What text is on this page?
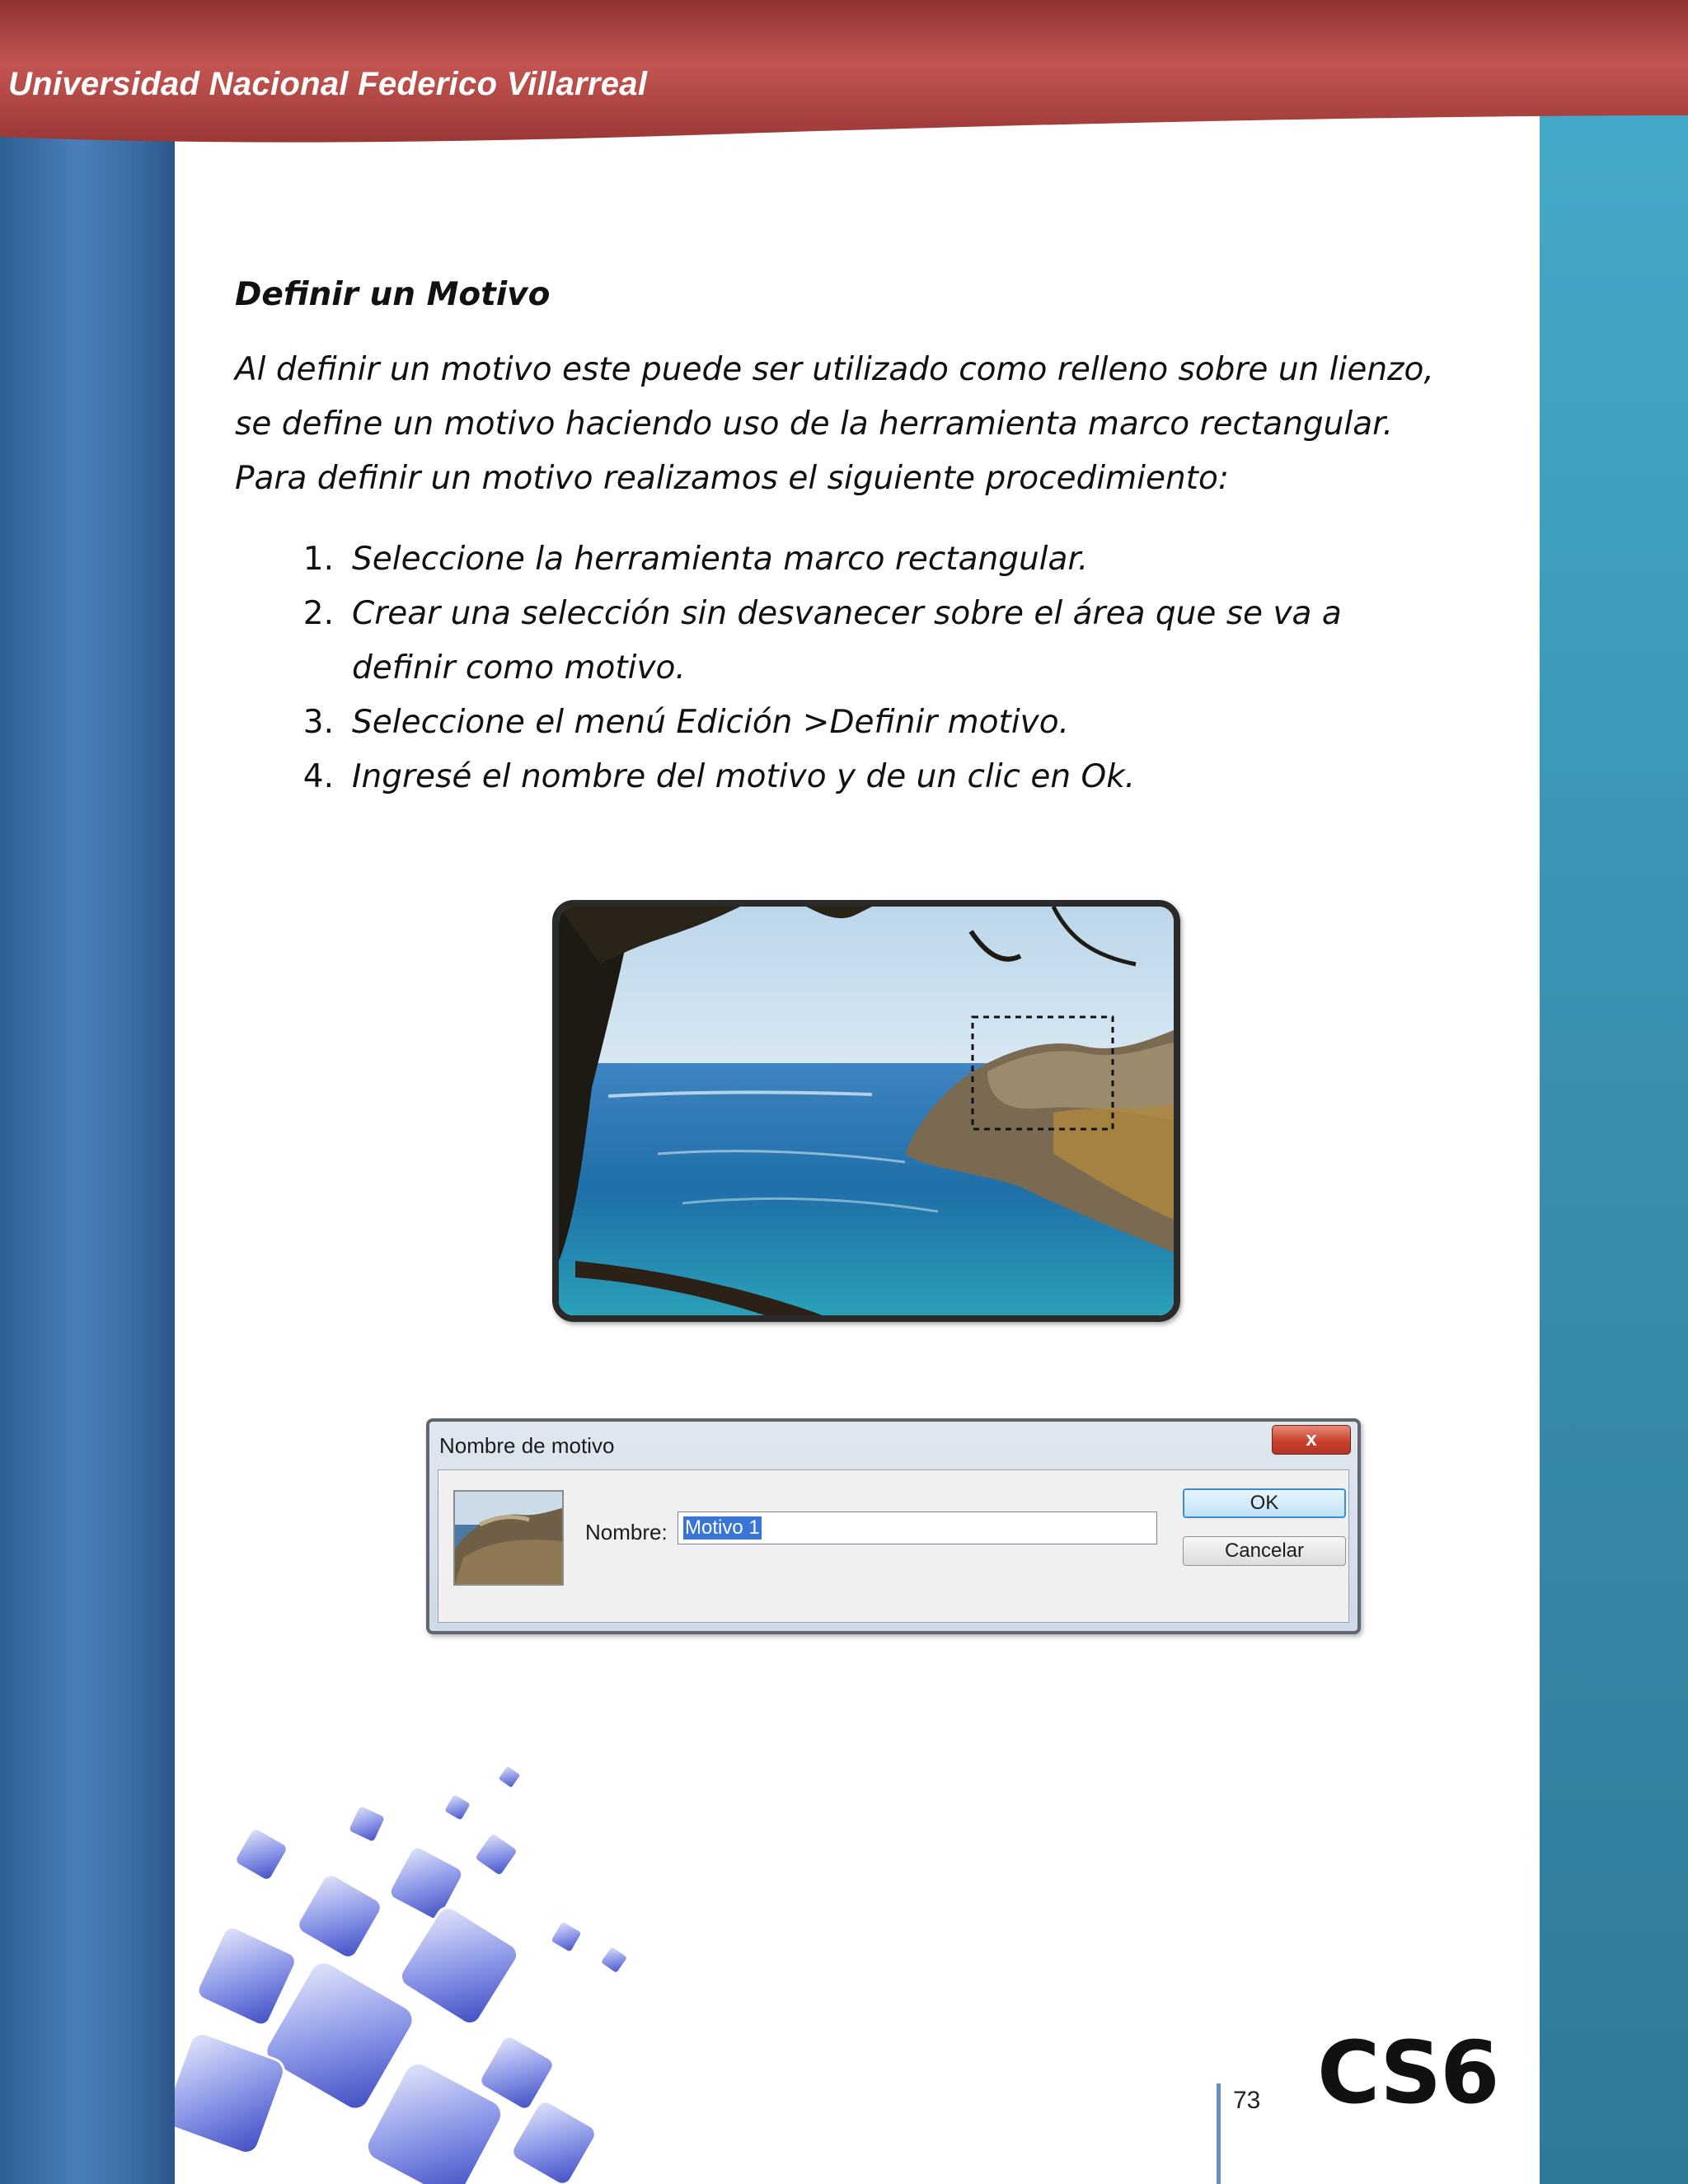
Universidad Nacional Federico Villarreal
Definir un Motivo
Al definir un motivo este puede ser utilizado como relleno sobre un lienzo, se define un motivo haciendo uso de la herramienta marco rectangular. Para definir un motivo realizamos el siguiente procedimiento:
1. Seleccione la herramienta marco rectangular.
2. Crear una selección sin desvanecer sobre el área que se va a definir como motivo.
3. Seleccione el menú Edición >Definir motivo.
4. Ingresé el nombre del motivo y de un clic en Ok.
Nombre de motivo	x
Nombre: Motivo 1
OK
Cancelar
73 CS6
